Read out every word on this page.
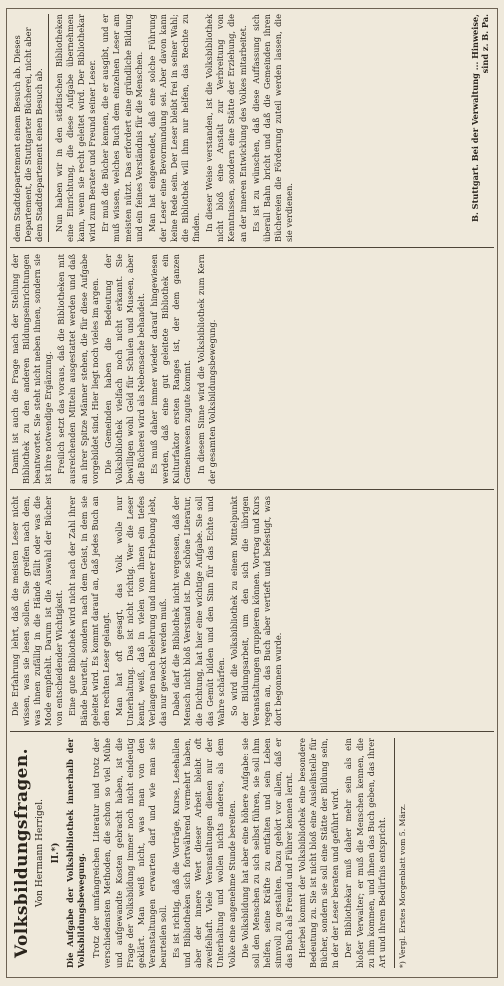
Volksbildungsfragen. Von Hermann Herrigel. II.*) Die Aufgabe der Volksbibliothek innerhalb der Volksbildungsbewegung. Trotz der umfangreichen Literatur und trotz der verschiedensten Methoden, die schon so viel Mühe und aufgewandte Kosten gebracht haben, ist die Frage der Volksbildung immer noch nicht eindeutig geklärt. Man weiß nicht, was man von den Veranstaltungen erwarten darf und wie man sie beurteilen soll. Es ist richtig, daß die Vorträge, Kurse, Lesehallen und Bibliotheken sich fortwährend vermehrt haben, aber der innere Wert dieser Arbeit bleibt oft zweifelhaft. Viele Veranstaltungen dienen nur der Unterhaltung und wollen nichts anderes, als dem Volke eine angenehme Stunde bereiten. Die Volksbildung hat aber eine höhere Aufgabe: sie soll den Menschen zu sich selbst führen, sie soll ihm helfen, seine Kräfte zu entfalten und sein Leben sinnvoll zu gestalten. Dazu gehört vor allem, daß er das Buch als Freund und Führer kennen lernt. Hierbei kommt der Volksbibliothek eine besondere Bedeutung zu. Sie ist nicht bloß eine Ausleihstelle für Bücher, sondern sie soll eine Stätte der Bildung sein, in der der Leser beraten und geführt wird. Der Bibliothekar muß daher mehr sein als ein bloßer Verwalter; er muß die Menschen kennen, die zu ihm kommen, und ihnen das Buch geben, das ihrer Art und ihrem Bedürfnis entspricht.	*) Vergl. Erstes Morgenblatt vom 5. März.

Die Erfahrung lehrt, daß die meisten Leser nicht wissen, was sie lesen sollen. Sie greifen nach dem, was ihnen zufällig in die Hände fällt oder was die Mode empfiehlt. Darum ist die Auswahl der Bücher von entscheidender Wichtigkeit. Eine gute Bibliothek wird nicht nach der Zahl ihrer Bände beurteilt, sondern nach dem Geist, in dem sie geleitet wird. Es kommt darauf an, daß jedes Buch an den rechten Leser gelangt. Man hat oft gesagt, das Volk wolle nur Unterhaltung. Das ist nicht richtig. Wer die Leser kennt, weiß, daß in vielen von ihnen ein tiefes Verlangen nach Belehrung und innerer Erhebung lebt, das nur geweckt werden muß. Dabei darf die Bibliothek nicht vergessen, daß der Mensch nicht bloß Verstand ist. Die schöne Literatur, die Dichtung, hat hier eine wichtige Aufgabe. Sie soll das Gemüt bilden und den Sinn für das Echte und Wahre schärfen. So wird die Volksbibliothek zu einem Mittelpunkt der Bildungsarbeit, um den sich die übrigen Veranstaltungen gruppieren können. Vortrag und Kurs regen an, das Buch aber vertieft und befestigt, was dort begonnen wurde.

Damit ist auch die Frage nach der Stellung der Bibliothek zu den anderen Bildungseinrichtungen beantwortet. Sie steht nicht neben ihnen, sondern sie ist ihre notwendige Ergänzung. Freilich setzt das voraus, daß die Bibliotheken mit ausreichenden Mitteln ausgestattet werden und daß an ihrer Spitze Männer stehen, die für diese Aufgabe vorgebildet sind. Hier liegt noch vieles im argen. Die Gemeinden haben die Bedeutung der Volksbibliothek vielfach noch nicht erkannt. Sie bewilligen wohl Geld für Schulen und Museen, aber die Bücherei wird als Nebensache behandelt. Es muß daher immer wieder darauf hingewiesen werden, daß eine gut geleitete Bibliothek ein Kulturfaktor ersten Ranges ist, der dem ganzen Gemeinwesen zugute kommt. In diesem Sinne wird die Volksbibliothek zum Kern der gesamten Volksbildungsbewegung.

dem Stadtdepartement einem Besuch ab. Dieses Departement, die Stuttgarter Bücherei, nicht aber dem Stadtdepartement einen Besuch ab. Nun haben wir in den städtischen Bibliotheken eine Einrichtung, die diese Aufgabe übernehmen kann, wenn sie recht geleitet wird. Der Bibliothekar wird zum Berater und Freund seiner Leser. Er muß die Bücher kennen, die er ausgibt, und er muß wissen, welches Buch dem einzelnen Leser am meisten nützt. Das erfordert eine gründliche Bildung und ein feines Verständnis für die Menschen. Man hat eingewendet, daß eine solche Führung der Leser eine Bevormundung sei. Aber davon kann keine Rede sein. Der Leser bleibt frei in seiner Wahl; die Bibliothek will ihm nur helfen, das Rechte zu finden. In dieser Weise verstanden, ist die Volksbibliothek nicht bloß eine Anstalt zur Verbreitung von Kenntnissen, sondern eine Stätte der Erziehung, die an der inneren Entwicklung des Volkes mitarbeitet. Es ist zu wünschen, daß diese Auffassung sich überall Bahn bricht und daß die Gemeinden ihren Büchereien die Förderung zuteil werden lassen, die sie verdienen.	B. Stuttgart. Bei der Verwaltung ... Hinweise, sind z. B. Pa.
